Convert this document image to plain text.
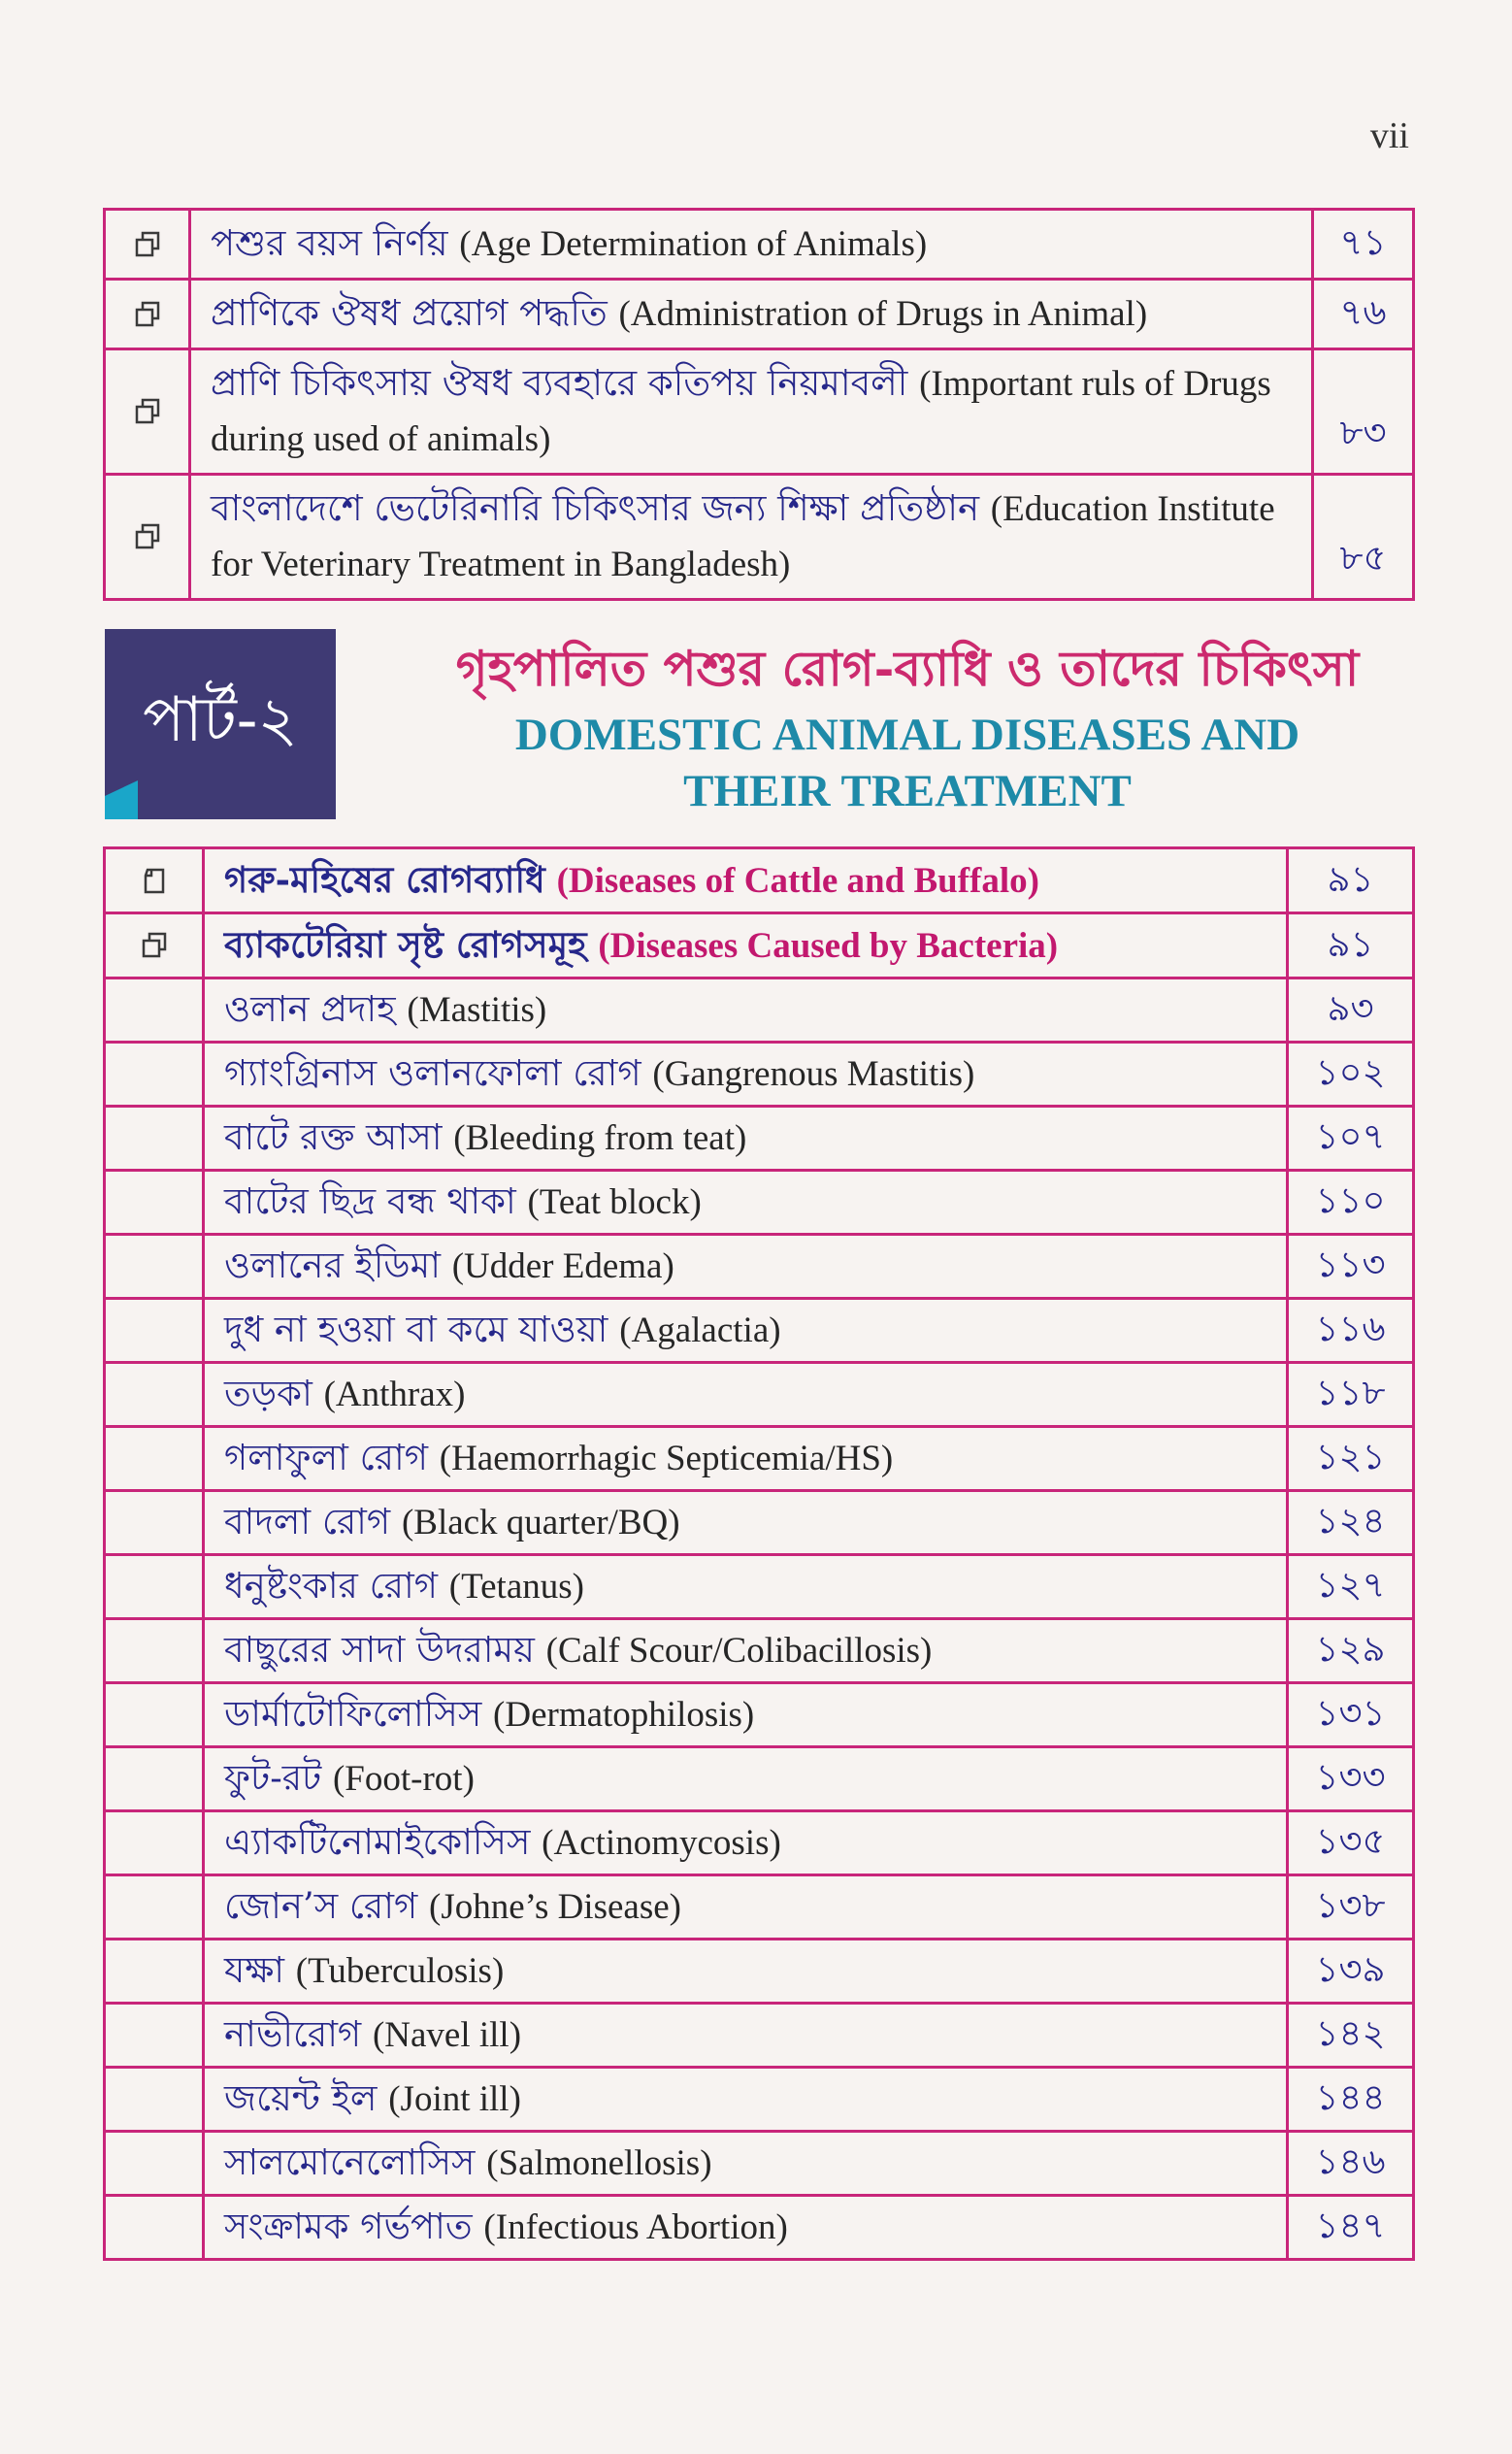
vii
	পশুর বয়স নির্ণয় (Age Determination of Animals)	৭১

	প্রাণিকে ঔষধ প্রয়োগ পদ্ধতি (Administration of Drugs in Animal)	৭৬

	প্রাণি চিকিৎসায় ঔষধ ব্যবহারে কতিপয় নিয়মাবলী (Important ruls of Drugs during used of animals)	৮৩

	বাংলাদেশে ভেটেরিনারি চিকিৎসার জন্য শিক্ষা প্রতিষ্ঠান (Education Institute for Veterinary Treatment in Bangladesh)	৮৫
পার্ট-২
গৃহপালিত পশুর রোগ-ব্যাধি ও তাদের চিকিৎসা
DOMESTIC ANIMAL DISEASES AND
THEIR TREATMENT
	গরু-মহিষের রোগব্যাধি (Diseases of Cattle and Buffalo)	৯১

	ব্যাকটেরিয়া সৃষ্ট রোগসমূহ (Diseases Caused by Bacteria)	৯১
	ওলান প্রদাহ (Mastitis)	৯৩
	গ্যাংগ্রিনাস ওলানফোলা রোগ (Gangrenous Mastitis)	১০২
	বাটে রক্ত আসা (Bleeding from teat)	১০৭
	বাটের ছিদ্র বন্ধ থাকা (Teat block)	১১০
	ওলানের ইডিমা (Udder Edema)	১১৩
	দুধ না হওয়া বা কমে যাওয়া (Agalactia)	১১৬
	তড়কা (Anthrax)	১১৮
	গলাফুলা রোগ (Haemorrhagic Septicemia/HS)	১২১
	বাদলা রোগ (Black quarter/BQ)	১২৪
	ধনুষ্টংকার রোগ (Tetanus)	১২৭
	বাছুরের সাদা উদরাময় (Calf Scour/Colibacillosis)	১২৯
	ডার্মাটোফিলোসিস (Dermatophilosis)	১৩১
	ফুট-রট (Foot-rot)	১৩৩
	এ্যাকটিনোমাইকোসিস (Actinomycosis)	১৩৫
	জোন’স রোগ (Johne’s Disease)	১৩৮
	যক্ষা (Tuberculosis)	১৩৯
	নাভীরোগ (Navel ill)	১৪২
	জয়েন্ট ইল (Joint ill)	১৪৪
	সালমোনেলোসিস (Salmonellosis)	১৪৬
	সংক্রামক গর্ভপাত (Infectious Abortion)	১৪৭
